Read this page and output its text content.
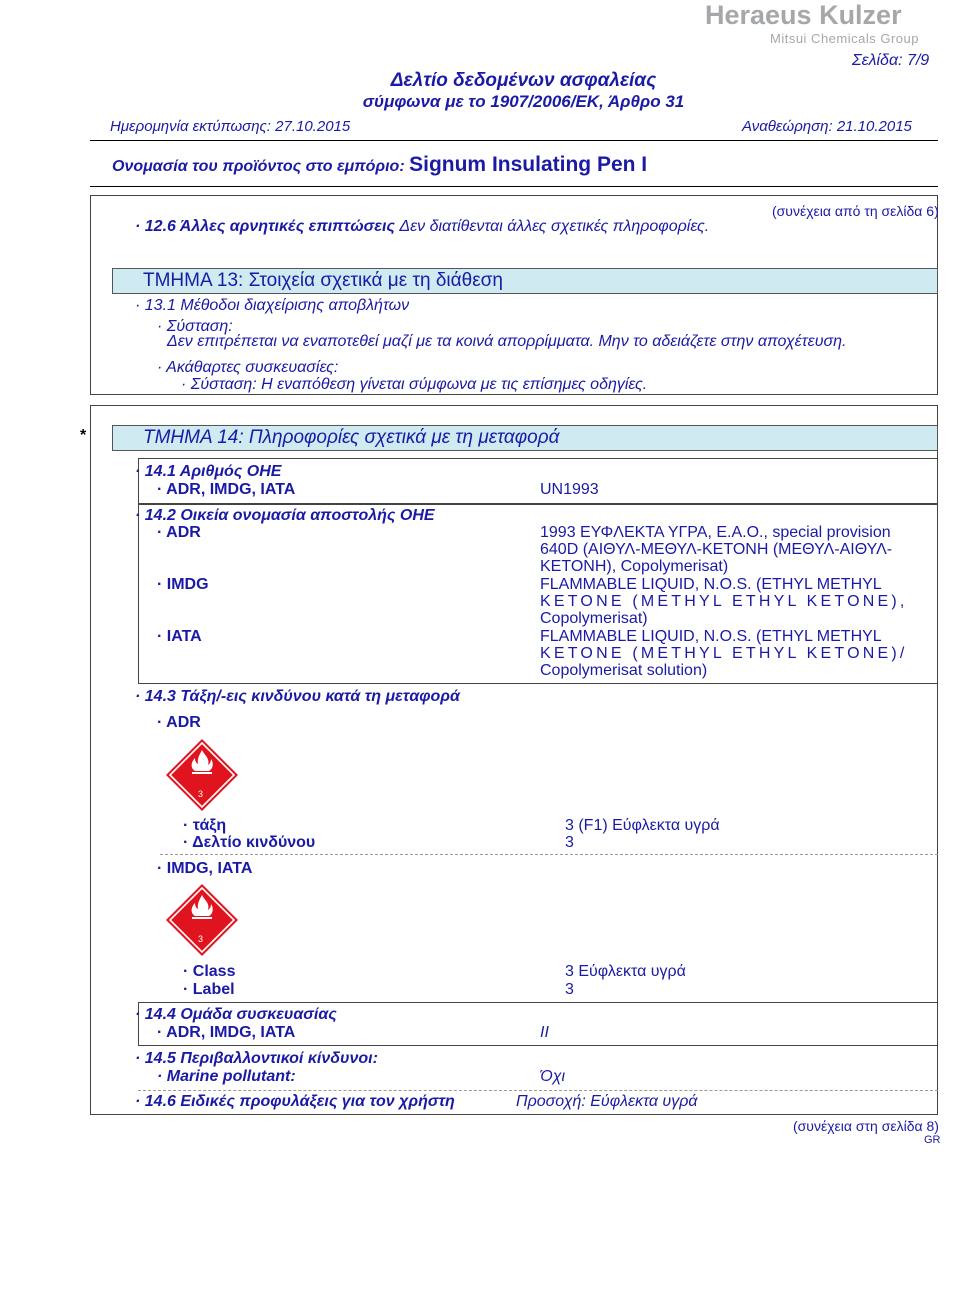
Heraeus Kulzer
Mitsui Chemicals Group
Σελίδα: 7/9
Δελτίο δεδομένων ασφαλείας
σύμφωνα με το 1907/2006/ΕΚ, Άρθρο 31
Ημερομηνία εκτύπωσης: 27.10.2015	Αναθεώρηση: 21.10.2015
Ονομασία του προϊόντος στο εμπόριο: Signum Insulating Pen I
(συνέχεια από τη σελίδα 6)
· 12.6 Άλλες αρνητικές επιπτώσεις Δεν διατίθενται άλλες σχετικές πληροφορίες.
ΤΜΗΜΑ 13: Στοιχεία σχετικά με τη διάθεση
· 13.1 Μέθοδοι διαχείρισης αποβλήτων
· Σύσταση:
Δεν επιτρέπεται να εναποτεθεί μαζί με τα κοινά απορρίμματα. Μην το αδειάζετε στην αποχέτευση.
· Ακάθαρτες συσκευασίες:
· Σύσταση: Η εναπόθεση γίνεται σύμφωνα με τις επίσημες οδηγίες.
*	ΤΜΗΜΑ 14: Πληροφορίες σχετικά με τη μεταφορά
· 14.1 Αριθμός ΟΗΕ
· ADR, IMDG, IATA	UN1993
· 14.2 Οικεία ονομασία αποστολής ΟΗΕ
· ADR	1993 ΕΥΦΛΕΚΤΑ ΥΓΡΑ, Ε.Α.Ο., special provision
640D (ΑΙΘΥΛ-ΜΕΘΥΛ-ΚΕΤΟΝΗ (ΜΕΘΥΛ-ΑΙΘΥΛ-
ΚΕΤΟΝΗ), Copolymerisat)
· IMDG	FLAMMABLE LIQUID, N.O.S. (ETHYL METHYL
KETONE (METHYL ETHYL KETONE),
Copolymerisat)
· IATA	FLAMMABLE LIQUID, N.O.S. (ETHYL METHYL
KETONE (METHYL ETHYL KETONE)/
Copolymerisat solution)
· 14.3 Τάξη/-εις κινδύνου κατά τη μεταφορά
· ADR
3
· τάξη	3 (F1) Εύφλεκτα υγρά
· Δελτίο κινδύνου	3
· IMDG, IATA
3
· Class	3 Εύφλεκτα υγρά
· Label	3
· 14.4 Ομάδα συσκευασίας
· ADR, IMDG, IATA	II
· 14.5 Περιβαλλοντικοί κίνδυνοι:
· Marine pollutant:	Όχι
· 14.6 Ειδικές προφυλάξεις για τον χρήστη	Προσοχή: Εύφλεκτα υγρά
(συνέχεια στη σελίδα 8)
GR
